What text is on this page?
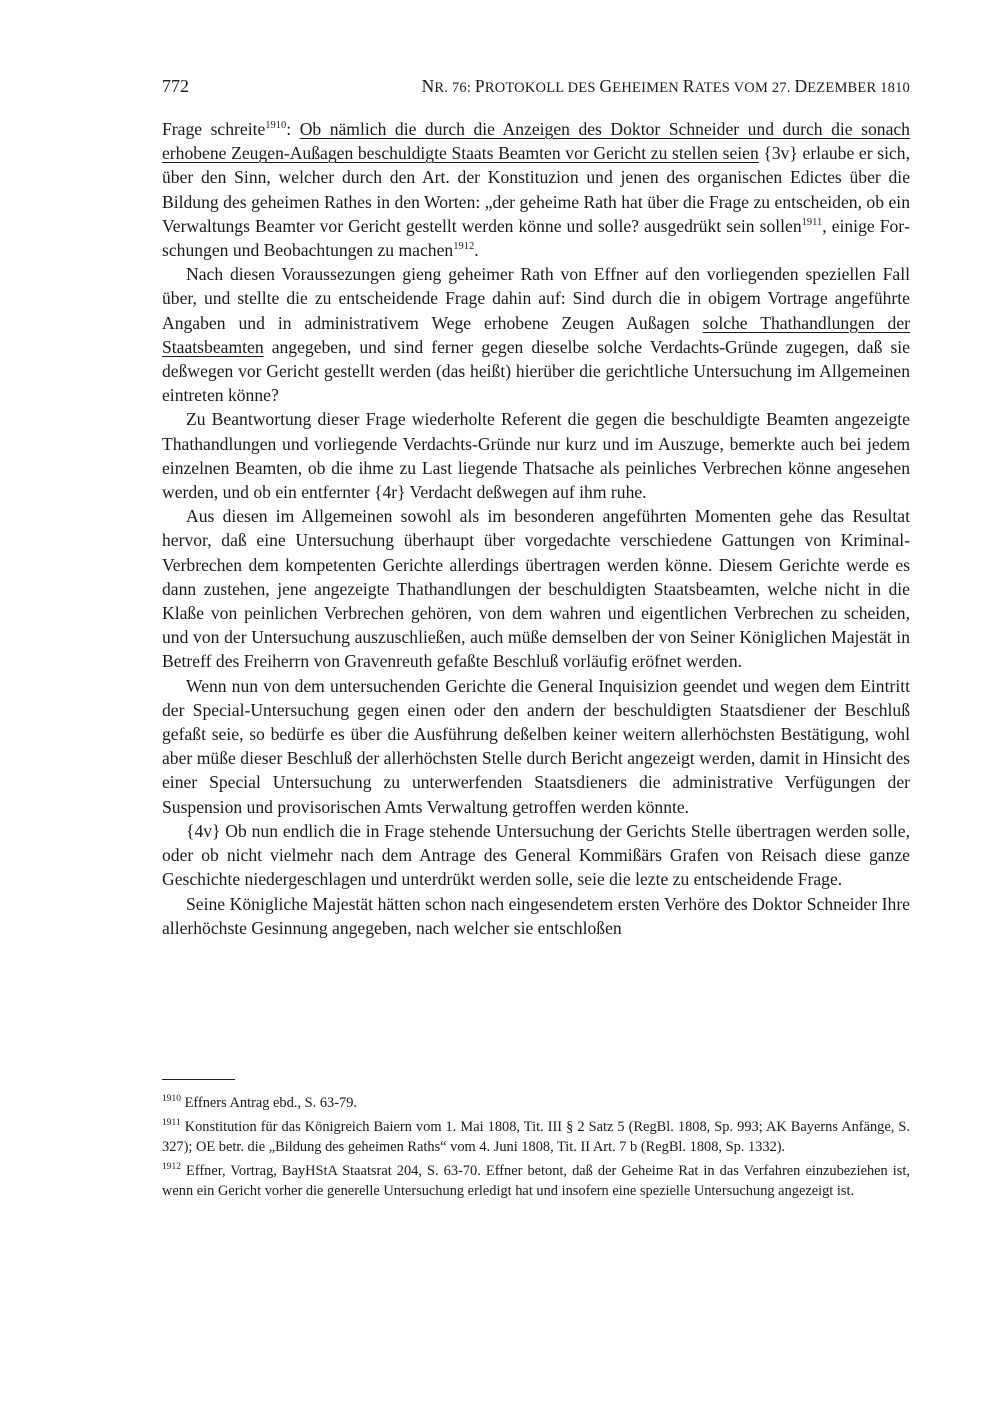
772	NR. 76: PROTOKOLL DES GEHEIMEN RATES VOM 27. DEZEMBER 1810

Frage schreite$^{1910}$: Ob nämlich die durch die Anzeigen des Doktor Schneider und durch die sonach erhobene Zeugen-Außagen beschuldigte Staats Beamten vor Gericht zu stellen seien {3v} erlaube er sich, über den Sinn, welcher durch den Art. der Konstituzion und jenen des organischen Edictes über die Bildung des geheimen Rathes in den Worten: „der geheime Rath hat über die Frage zu entscheiden, ob ein Verwaltungs Beamter vor Gericht gestellt werden könne und solle? ausgedrükt sein sollen$^{1911}$, einige Forschungen und Beobachtungen zu machen$^{1912}$.

Nach diesen Voraussezungen gieng geheimer Rath von Effner auf den vorliegenden speziellen Fall über, und stellte die zu entscheidende Frage dahin auf: Sind durch die in obigem Vortrage angeführte Angaben und in administrativem Wege erhobene Zeugen Außagen solche Thathandlungen der Staatsbeamten angegeben, und sind ferner gegen dieselbe solche Verdachts-Gründe zugegen, daß sie deßwegen vor Gericht gestellt werden (das heißt) hierüber die gerichtliche Untersuchung im Allgemeinen eintreten könne?

Zu Beantwortung dieser Frage wiederholte Referent die gegen die beschuldigte Beamten angezeigte Thathandlungen und vorliegende Verdachts-Gründe nur kurz und im Auszuge, bemerkte auch bei jedem einzelnen Beamten, ob die ihme zu Last liegende Thatsache als peinliches Verbrechen könne angesehen werden, und ob ein entfernter {4r} Verdacht deßwegen auf ihm ruhe.

Aus diesen im Allgemeinen sowohl als im besonderen angeführten Momenten gehe das Resultat hervor, daß eine Untersuchung überhaupt über vorgedachte verschiedene Gattungen von Kriminal-Verbrechen dem kompetenten Gerichte allerdings übertragen werden könne. Diesem Gerichte werde es dann zustehen, jene angezeigte Thathandlungen der beschuldigten Staatsbeamten, welche nicht in die Klaße von peinlichen Verbrechen gehören, von dem wahren und eigentlichen Verbrechen zu scheiden, und von der Untersuchung auszuschließen, auch müße demselben der von Seiner Königlichen Majestät in Betreff des Freiherrn von Gravenreuth gefaßte Beschluß vorläufig eröfnet werden.

Wenn nun von dem untersuchenden Gerichte die General Inquisizion geendet und wegen dem Eintritt der Special-Untersuchung gegen einen oder den andern der beschuldigten Staatsdiener der Beschluß gefaßt seie, so bedürfe es über die Ausführung deßelben keiner weitern allerhöchsten Bestätigung, wohl aber müße dieser Beschluß der allerhöchsten Stelle durch Bericht angezeigt werden, damit in Hinsicht des einer Special Untersuchung zu unterwerfenden Staatsdieners die administrative Verfügungen der Suspension und provisorischen Amts Verwaltung getroffen werden könnte.

{4v} Ob nun endlich die in Frage stehende Untersuchung der Gerichts Stelle übertragen werden solle, oder ob nicht vielmehr nach dem Antrage des General Kommißärs Grafen von Reisach diese ganze Geschichte niedergeschlagen und unterdrükt werden solle, seie die lezte zu entscheidende Frage.

Seine Königliche Majestät hätten schon nach eingesendetem ersten Verhöre des Doktor Schneider Ihre allerhöchste Gesinnung angegeben, nach welcher sie entschloßen

$^{1910}$ Effners Antrag ebd., S. 63-79.
$^{1911}$ Konstitution für das Königreich Baiern vom 1. Mai 1808, Tit. III § 2 Satz 5 (RegBl. 1808, Sp. 993; AK Bayerns Anfänge, S. 327); OE betr. die „Bildung des geheimen Raths“ vom 4. Juni 1808, Tit. II Art. 7 b (RegBl. 1808, Sp. 1332).
$^{1912}$ Effner, Vortrag, BayHStA Staatsrat 204, S. 63-70. Effner betont, daß der Geheime Rat in das Verfahren einzubeziehen ist, wenn ein Gericht vorher die generelle Untersuchung erledigt hat und insofern eine spezielle Untersuchung angezeigt ist.
